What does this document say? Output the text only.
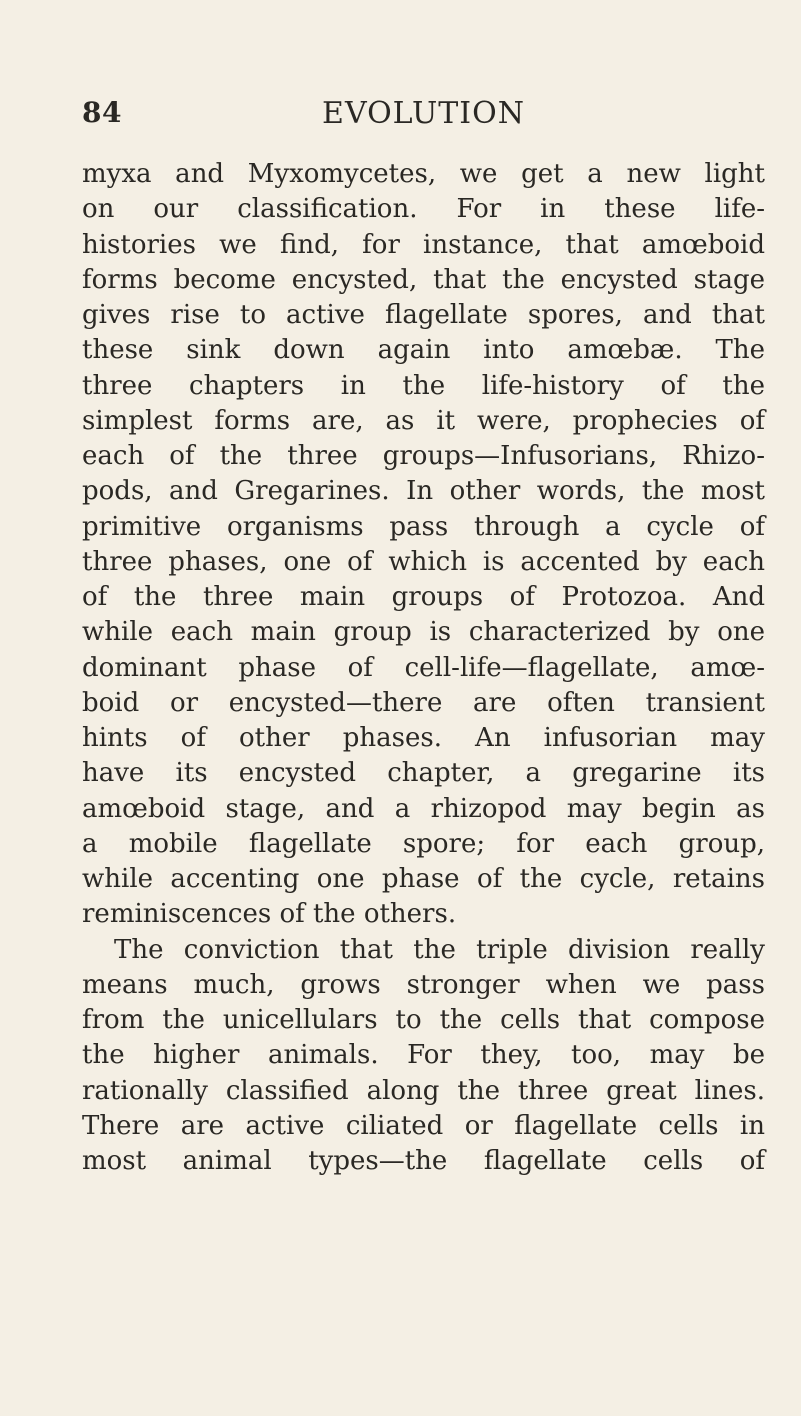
84	EVOLUTION
myxa and Myxomycetes, we get a new light
on our classification. For in these life-
histories we find, for instance, that amœboid
forms become encysted, that the encysted stage
gives rise to active flagellate spores, and that
these sink down again into amœbæ. The
three chapters in the life-history of the
simplest forms are, as it were, prophecies of
each of the three groups—Infusorians, Rhizo-
pods, and Gregarines. In other words, the most
primitive organisms pass through a cycle of
three phases, one of which is accented by each
of the three main groups of Protozoa. And
while each main group is characterized by one
dominant phase of cell-life—flagellate, amœ-
boid or encysted—there are often transient
hints of other phases. An infusorian may
have its encysted chapter, a gregarine its
amœboid stage, and a rhizopod may begin as
a mobile flagellate spore; for each group,
while accenting one phase of the cycle, retains
reminiscences of the others.
The conviction that the triple division really
means much, grows stronger when we pass
from the unicellulars to the cells that compose
the higher animals. For they, too, may be
rationally classified along the three great lines.
There are active ciliated or flagellate cells in
most animal types—the flagellate cells of
